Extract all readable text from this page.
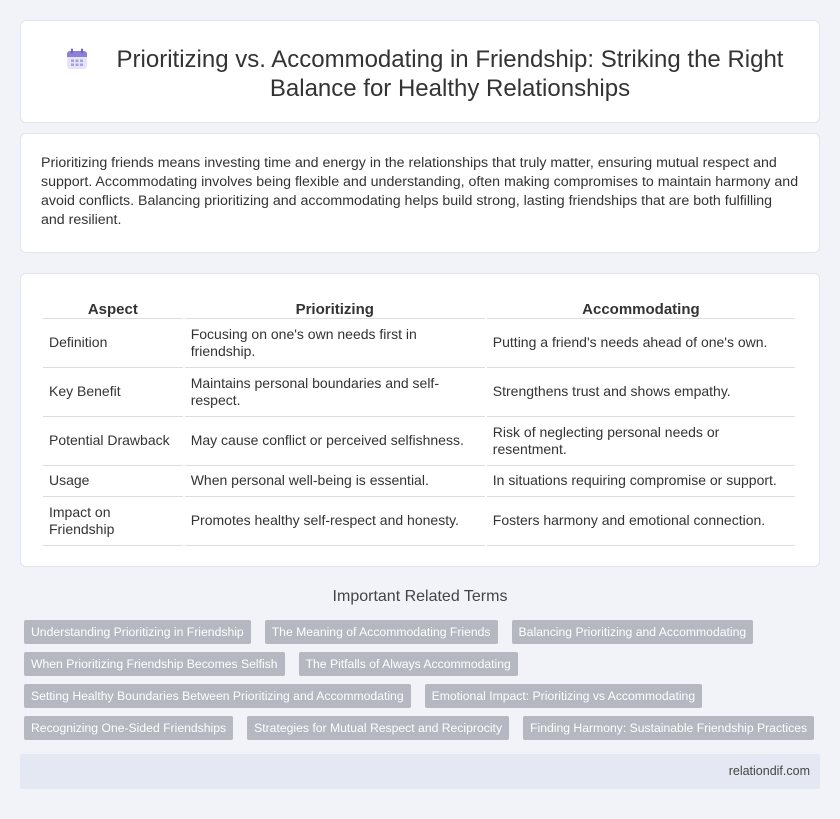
Prioritizing vs. Accommodating in Friendship: Striking the Right Balance for Healthy Relationships

Prioritizing friends means investing time and energy in the relationships that truly matter, ensuring mutual respect and support. Accommodating involves being flexible and understanding, often making compromises to maintain harmony and avoid conflicts. Balancing prioritizing and accommodating helps build strong, lasting friendships that are both fulfilling and resilient.

Aspect	Prioritizing	Accommodating
Definition	Focusing on one's own needs first in friendship.	Putting a friend's needs ahead of one's own.
Key Benefit	Maintains personal boundaries and self-respect.	Strengthens trust and shows empathy.
Potential Drawback	May cause conflict or perceived selfishness.	Risk of neglecting personal needs or resentment.
Usage	When personal well-being is essential.	In situations requiring compromise or support.
Impact on Friendship	Promotes healthy self-respect and honesty.	Fosters harmony and emotional connection.
Important Related Terms
Understanding Prioritizing in Friendship	The Meaning of Accommodating Friends	Balancing Prioritizing and Accommodating
When Prioritizing Friendship Becomes Selfish	The Pitfalls of Always Accommodating
Setting Healthy Boundaries Between Prioritizing and Accommodating	Emotional Impact: Prioritizing vs Accommodating
Recognizing One-Sided Friendships	Strategies for Mutual Respect and Reciprocity	Finding Harmony: Sustainable Friendship Practices
relationdif.com
